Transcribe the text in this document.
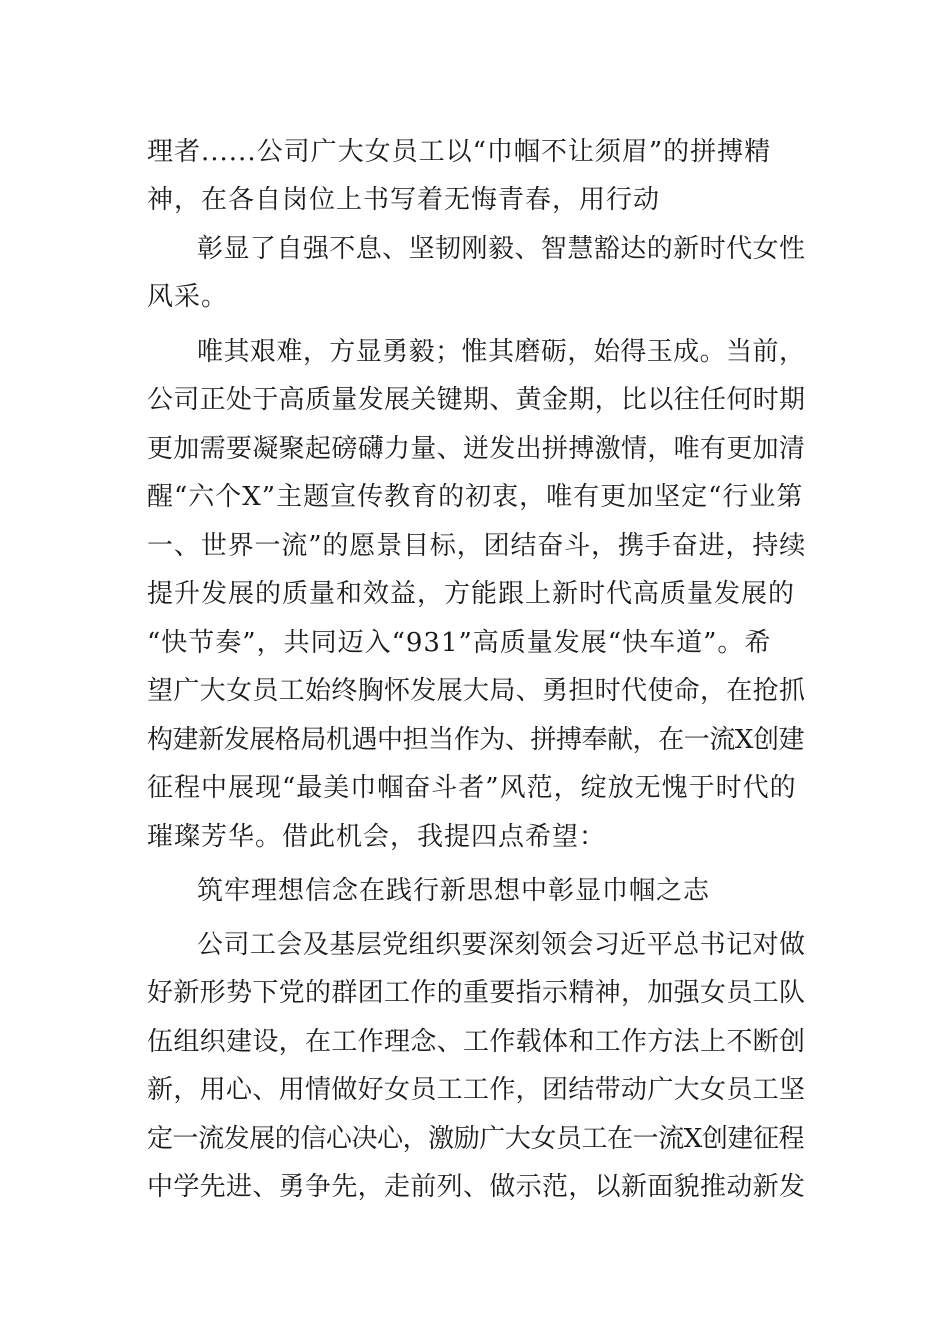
理者......公司广大女员工以“巾帼不让须眉”的拼搏精
神，在各自岗位上书写着无悔青春，用行动
彰显了自强不息、坚韧刚毅、智慧豁达的新时代女性
风采。
唯其艰难，方显勇毅；惟其磨砺，始得玉成。当前，
公司正处于高质量发展关键期、黄金期，比以往任何时期
更加需要凝聚起磅礴力量、迸发出拼搏激情，唯有更加清
醒“六个X”主题宣传教育的初衷，唯有更加坚定“行业第
一、世界一流”的愿景目标，团结奋斗，携手奋进，持续
提升发展的质量和效益，方能跟上新时代高质量发展的
“快节奏”，共同迈入“931”高质量发展“快车道”。希
望广大女员工始终胸怀发展大局、勇担时代使命，在抢抓
构建新发展格局机遇中担当作为、拼搏奉献，在一流X创建
征程中展现“最美巾帼奋斗者”风范，绽放无愧于时代的
璀璨芳华。借此机会，我提四点希望：
筑牢理想信念在践行新思想中彰显巾帼之志
公司工会及基层党组织要深刻领会习近平总书记对做
好新形势下党的群团工作的重要指示精神，加强女员工队
伍组织建设，在工作理念、工作载体和工作方法上不断创
新，用心、用情做好女员工工作，团结带动广大女员工坚
定一流发展的信心决心，激励广大女员工在一流X创建征程
中学先进、勇争先，走前列、做示范，以新面貌推动新发
